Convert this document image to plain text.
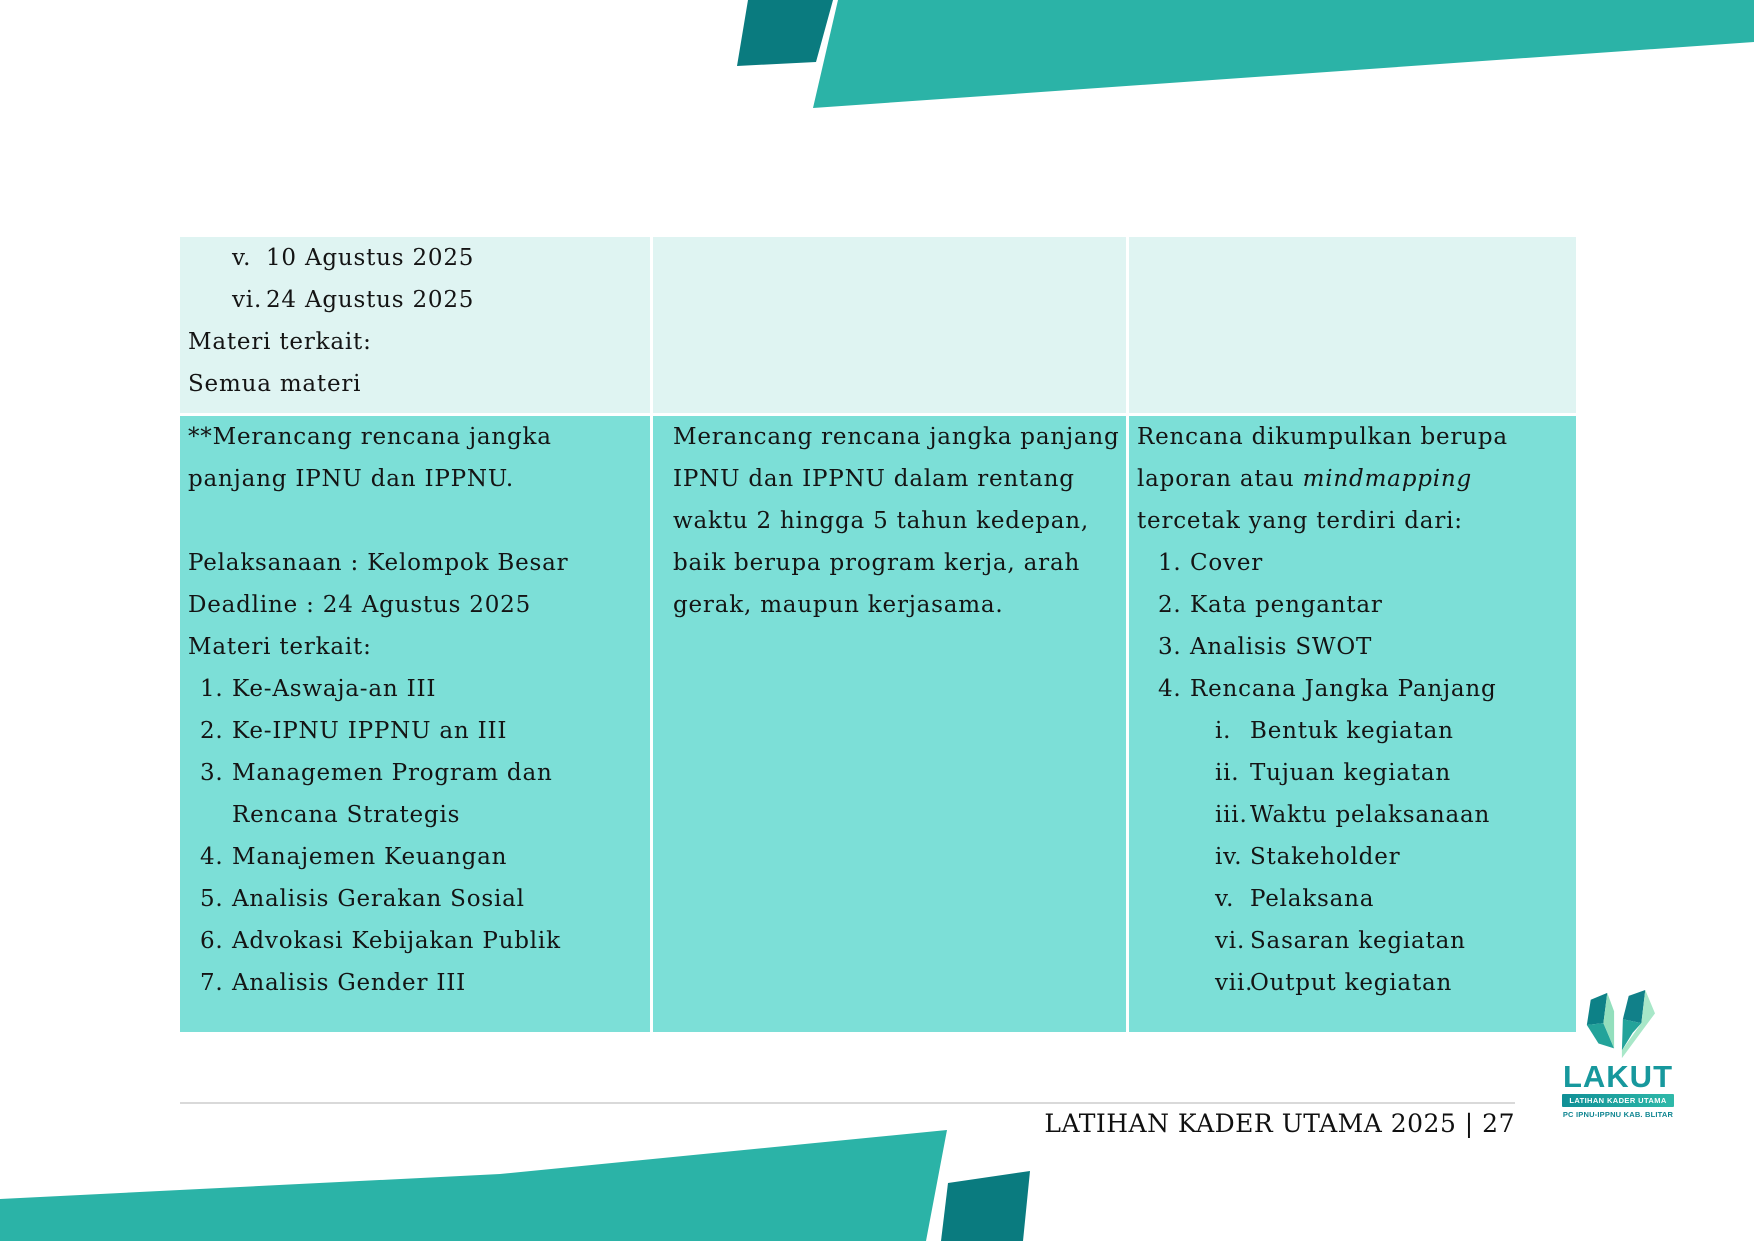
v. 10 Agustus 2025
vi. 24 Agustus 2025
Materi terkait:
Semua materi
**Merancang rencana jangka
panjang IPNU dan IPPNU.
Pelaksanaan : Kelompok Besar
Deadline : 24 Agustus 2025
Materi terkait:
1. Ke-Aswaja-an III
2. Ke-IPNU IPPNU an III
3. Managemen Program dan
Rencana Strategis
4. Manajemen Keuangan
5. Analisis Gerakan Sosial
6. Advokasi Kebijakan Publik
7. Analisis Gender III
Merancang rencana jangka panjang
IPNU dan IPPNU dalam rentang
waktu 2 hingga 5 tahun kedepan,
baik berupa program kerja, arah
gerak, maupun kerjasama.
Rencana dikumpulkan berupa
laporan atau mindmapping
tercetak yang terdiri dari:
1. Cover
2. Kata pengantar
3. Analisis SWOT
4. Rencana Jangka Panjang
i. Bentuk kegiatan
ii. Tujuan kegiatan
iii. Waktu pelaksanaan
iv. Stakeholder
v. Pelaksana
vi. Sasaran kegiatan
vii.Output kegiatan
LATIHAN KADER UTAMA 2025 | 27
LAKUT
LATIHAN KADER UTAMA
PC IPNU-IPPNU KAB. BLITAR
